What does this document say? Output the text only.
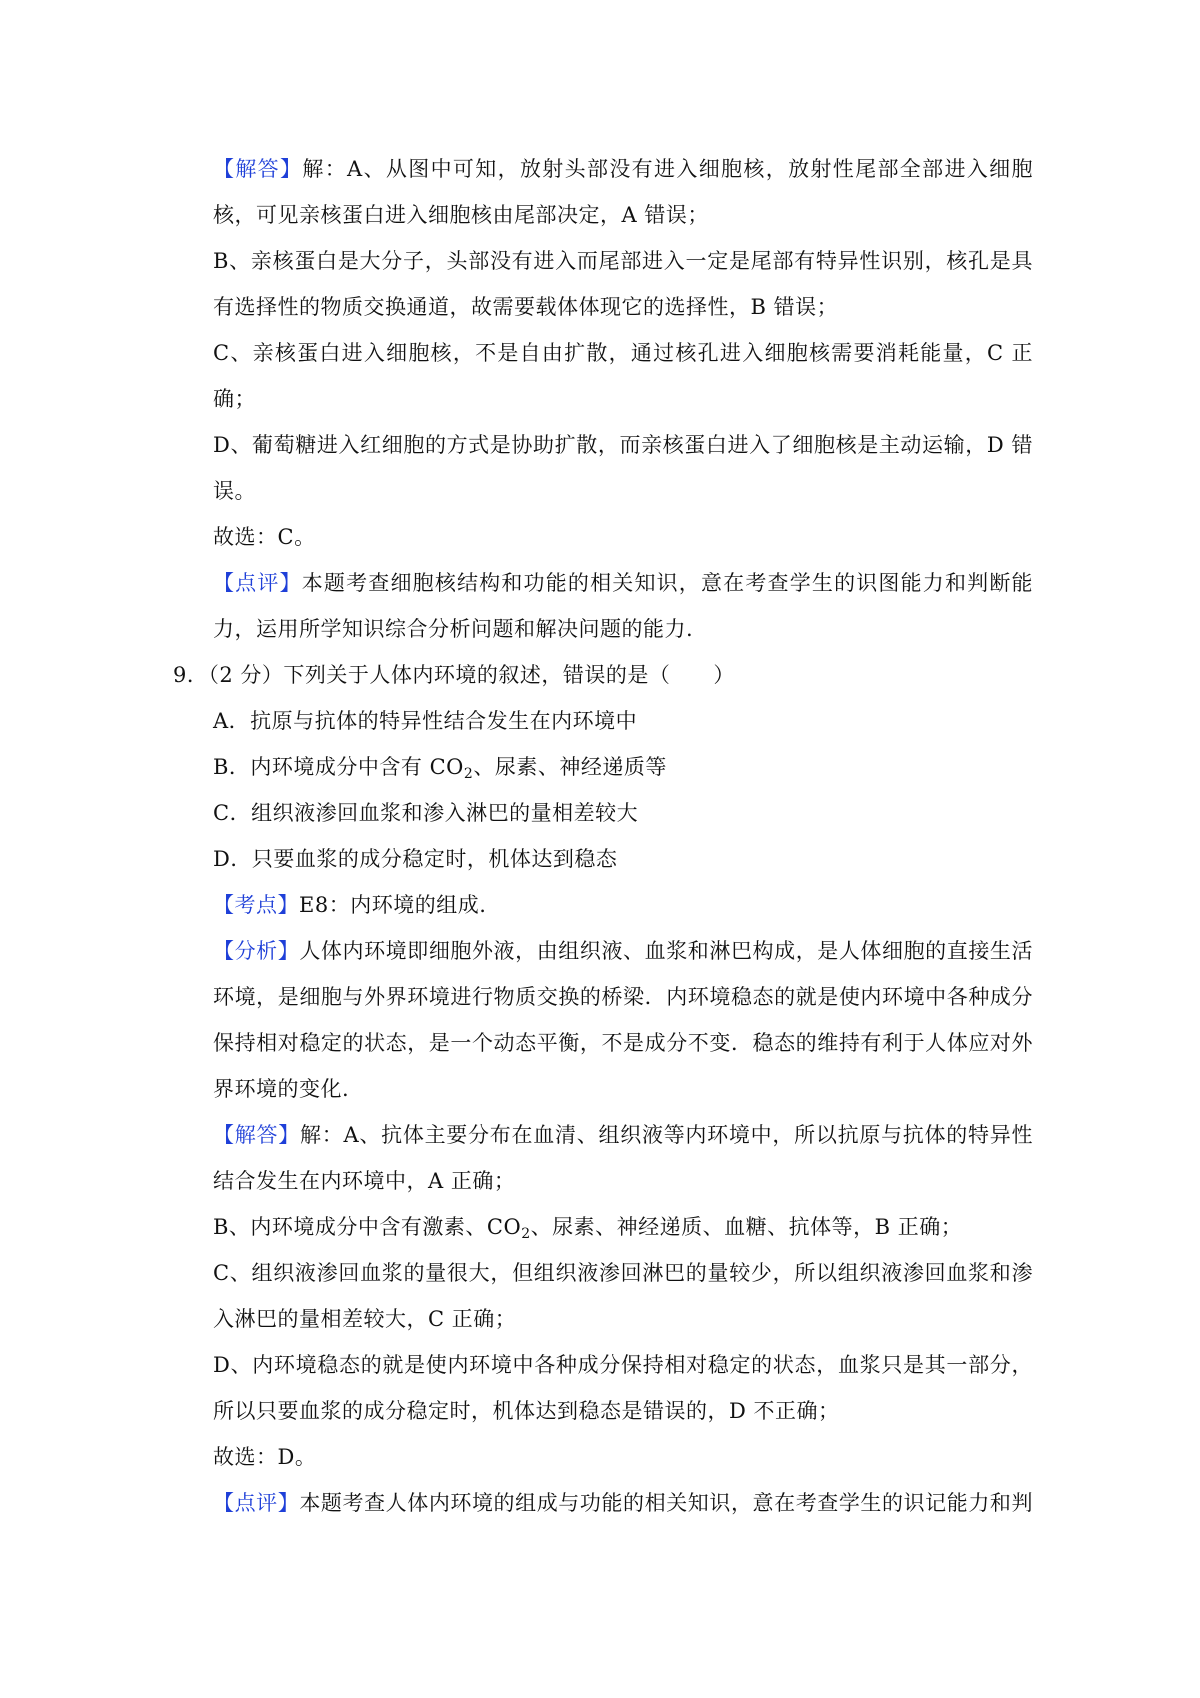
【解答】解：A、从图中可知，放射头部没有进入细胞核，放射性尾部全部进入细胞
核，可见亲核蛋白进入细胞核由尾部决定，A 错误；
B、亲核蛋白是大分子，头部没有进入而尾部进入一定是尾部有特异性识别，核孔是具
有选择性的物质交换通道，故需要载体体现它的选择性，B 错误；
C、亲核蛋白进入细胞核，不是自由扩散，通过核孔进入细胞核需要消耗能量，C 正
确；
D、葡萄糖进入红细胞的方式是协助扩散，而亲核蛋白进入了细胞核是主动运输，D 错
误。
故选：C。
【点评】本题考查细胞核结构和功能的相关知识，意在考查学生的识图能力和判断能
力，运用所学知识综合分析问题和解决问题的能力.
9．（2 分）下列关于人体内环境的叙述，错误的是（　　）
A．抗原与抗体的特异性结合发生在内环境中
B．内环境成分中含有 $CO_2$、尿素、神经递质等
C．组织液渗回血浆和渗入淋巴的量相差较大
D．只要血浆的成分稳定时，机体达到稳态
【考点】E8：内环境的组成.
【分析】人体内环境即细胞外液，由组织液、血浆和淋巴构成，是人体细胞的直接生活
环境，是细胞与外界环境进行物质交换的桥梁．内环境稳态的就是使内环境中各种成分
保持相对稳定的状态，是一个动态平衡，不是成分不变．稳态的维持有利于人体应对外
界环境的变化.
【解答】解：A、抗体主要分布在血清、组织液等内环境中，所以抗原与抗体的特异性
结合发生在内环境中，A 正确；
B、内环境成分中含有激素、$CO_2$、尿素、神经递质、血糖、抗体等，B 正确；
C、组织液渗回血浆的量很大，但组织液渗回淋巴的量较少，所以组织液渗回血浆和渗
入淋巴的量相差较大，C 正确；
D、内环境稳态的就是使内环境中各种成分保持相对稳定的状态，血浆只是其一部分，
所以只要血浆的成分稳定时，机体达到稳态是错误的，D 不正确；
故选：D。
【点评】本题考查人体内环境的组成与功能的相关知识，意在考查学生的识记能力和判
